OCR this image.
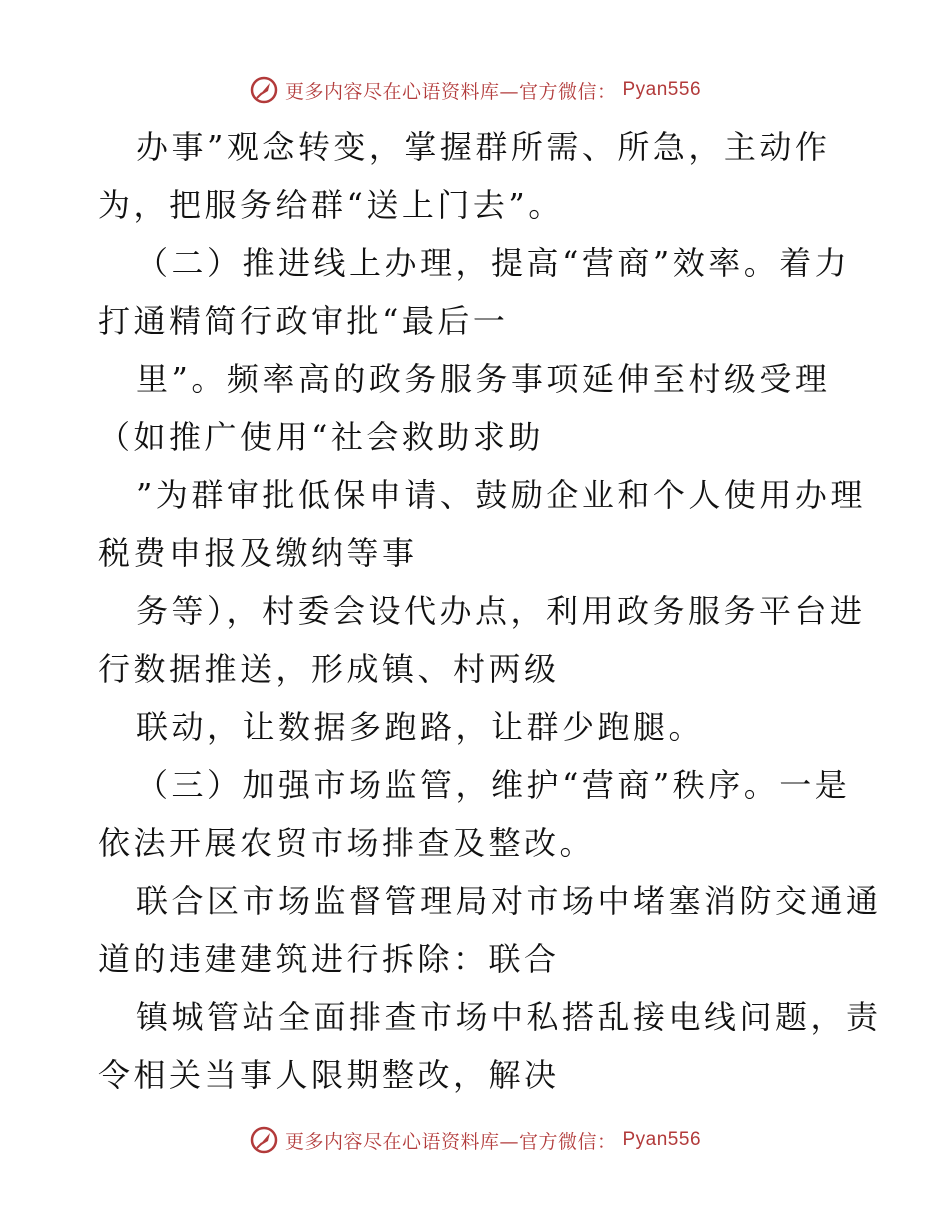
更多内容尽在心语资料库—官方微信： Pyan556
办事”观念转变，掌握群所需、所急，主动作
为，把服务给群“送上门去”。
（二）推进线上办理，提高“营商”效率。着力
打通精简行政审批“最后一
里”。频率高的政务服务事项延伸至村级受理
（如推广使用“社会救助求助
”为群审批低保申请、鼓励企业和个人使用办理
税费申报及缴纳等事
务等），村委会设代办点，利用政务服务平台进
行数据推送，形成镇、村两级
联动，让数据多跑路，让群少跑腿。
（三）加强市场监管，维护“营商”秩序。一是
依法开展农贸市场排查及整改。
联合区市场监督管理局对市场中堵塞消防交通通
道的违建建筑进行拆除：联合
镇城管站全面排查市场中私搭乱接电线问题，责
令相关当事人限期整改，解决
更多内容尽在心语资料库—官方微信： Pyan556
